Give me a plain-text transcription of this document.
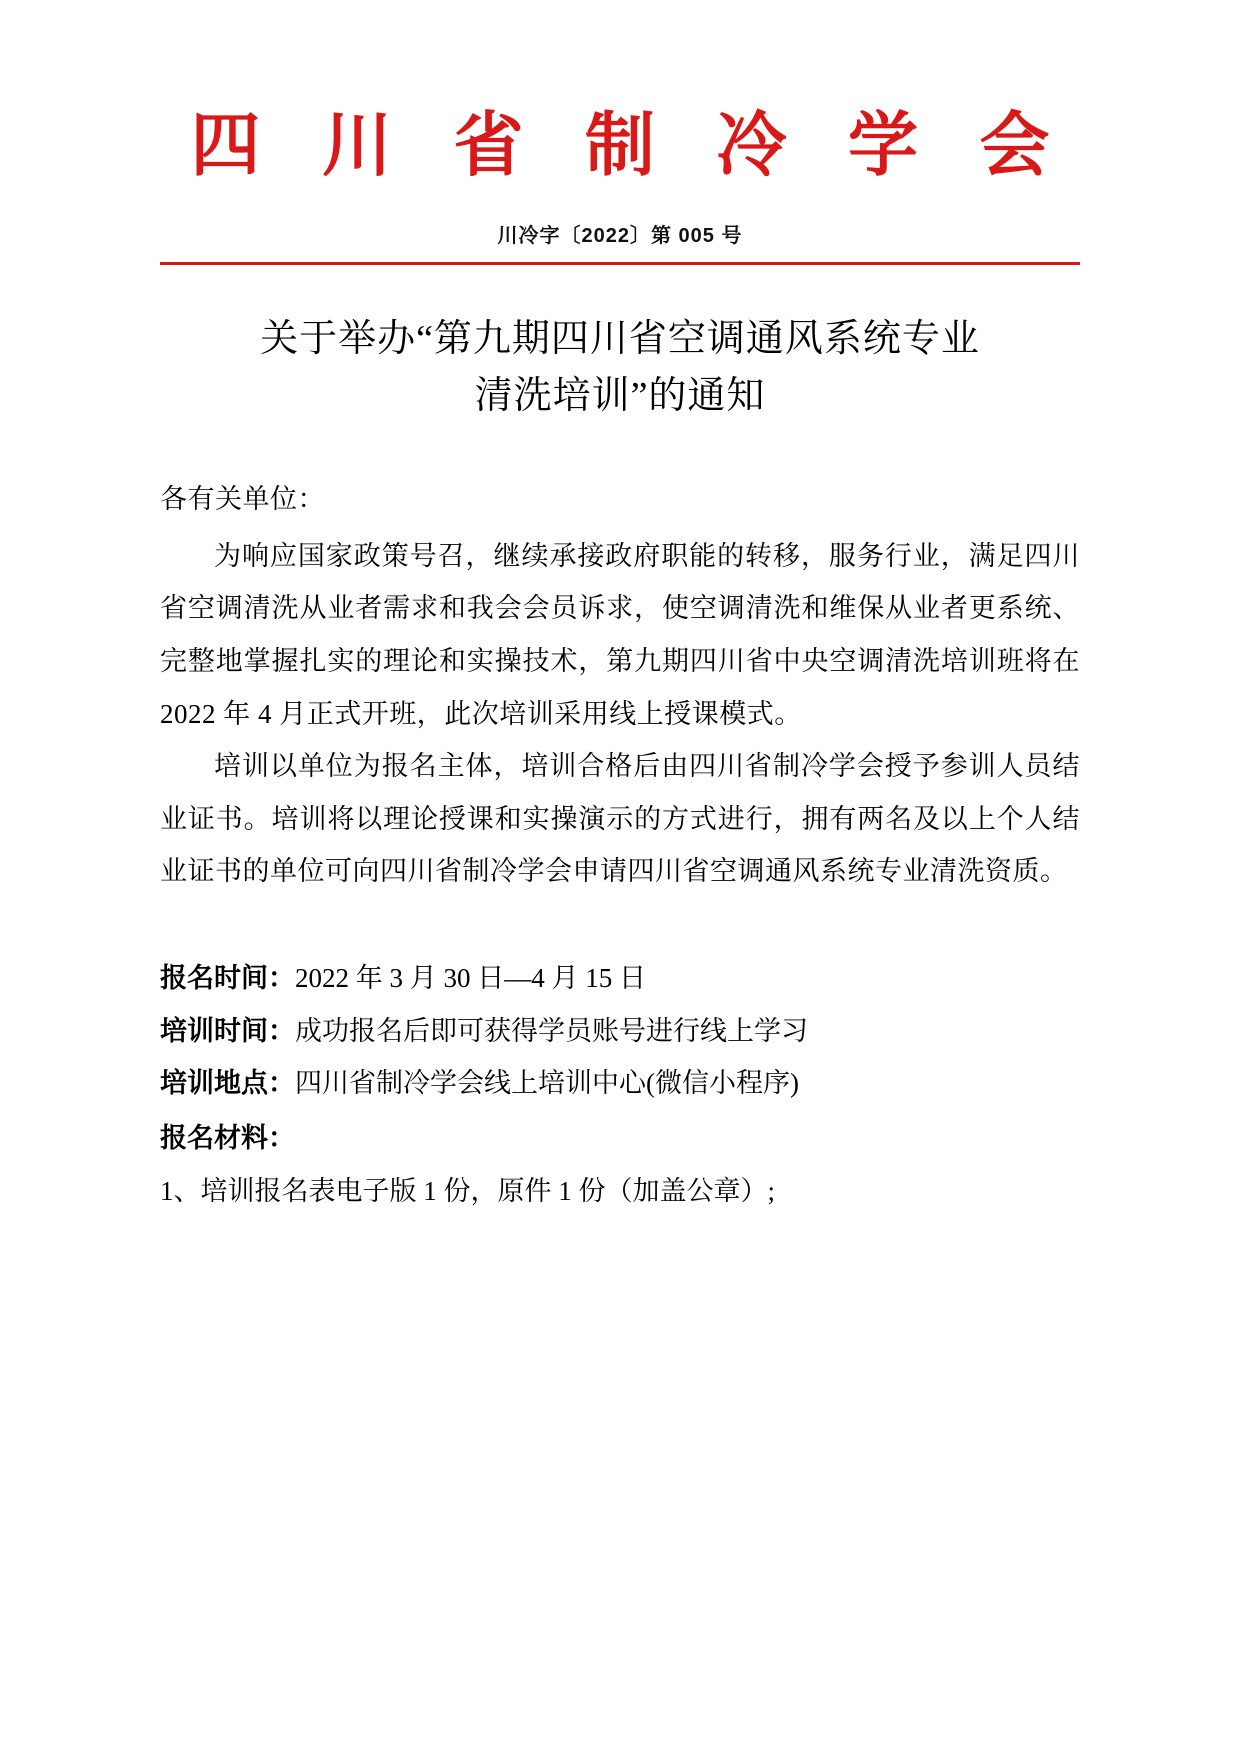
四 川 省 制 冷 学 会
川冷字〔2022〕第 005 号
关于举办“第九期四川省空调通风系统专业
清洗培训”的通知

各有关单位：

为响应国家政策号召，继续承接政府职能的转移，服务行业，满足四川省空调清洗从业者需求和我会会员诉求，使空调清洗和维保从业者更系统、完整地掌握扎实的理论和实操技术，第九期四川省中央空调清洗培训班将在 2022 年 4 月正式开班，此次培训采用线上授课模式。

培训以单位为报名主体，培训合格后由四川省制冷学会授予参训人员结业证书。培训将以理论授课和实操演示的方式进行，拥有两名及以上个人结业证书的单位可向四川省制冷学会申请四川省空调通风系统专业清洗资质。

报名时间：2022 年 3 月 30 日—4 月 15 日
培训时间：成功报名后即可获得学员账号进行线上学习
培训地点：四川省制冷学会线上培训中心(微信小程序)
报名材料：
1、培训报名表电子版 1 份，原件 1 份（加盖公章）;
